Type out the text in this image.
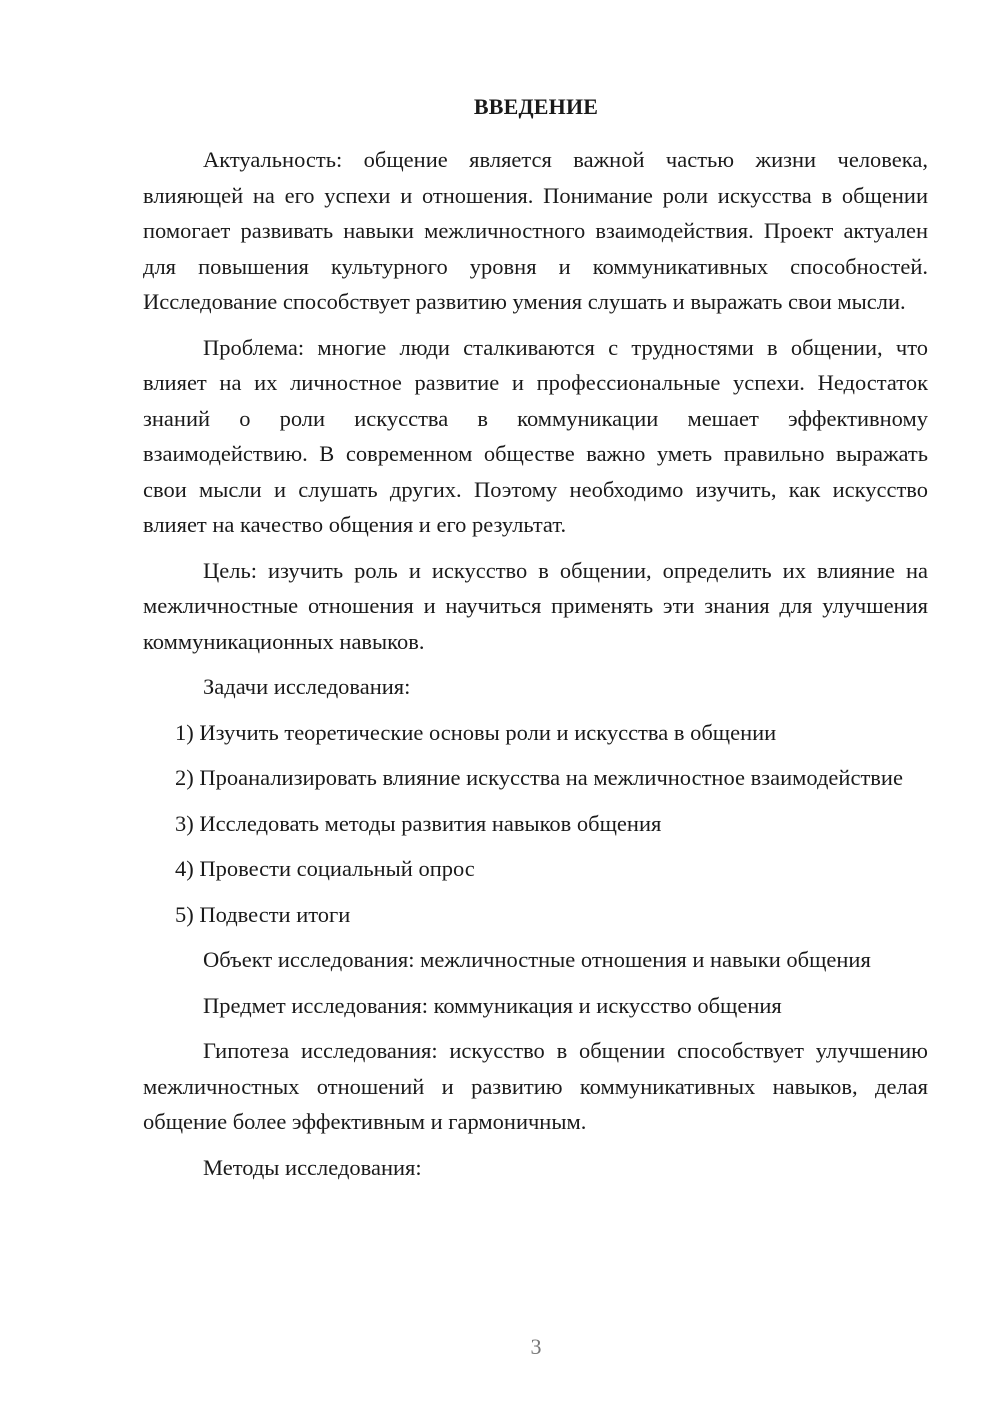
ВВЕДЕНИЕ

Актуальность: общение является важной частью жизни человека, влияющей на его успехи и отношения. Понимание роли искусства в общении помогает развивать навыки межличностного взаимодействия. Проект актуален для повышения культурного уровня и коммуникативных способностей. Исследование способствует развитию умения слушать и выражать свои мысли.

Проблема: многие люди сталкиваются с трудностями в общении, что влияет на их личностное развитие и профессиональные успехи. Недостаток знаний о роли искусства в коммуникации мешает эффективному взаимодействию. В современном обществе важно уметь правильно выражать свои мысли и слушать других. Поэтому необходимо изучить, как искусство влияет на качество общения и его результат.

Цель: изучить роль и искусство в общении, определить их влияние на межличностные отношения и научиться применять эти знания для улучшения коммуникационных навыков.

Задачи исследования:

1) Изучить теоретические основы роли и искусства в общении

2) Проанализировать влияние искусства на межличностное взаимодействие

3) Исследовать методы развития навыков общения

4) Провести социальный опрос

5) Подвести итоги

Объект исследования: межличностные отношения и навыки общения

Предмет исследования: коммуникация и искусство общения

Гипотеза исследования: искусство в общении способствует улучшению межличностных отношений и развитию коммуникативных навыков, делая общение более эффективным и гармоничным.

Методы исследования:

3
